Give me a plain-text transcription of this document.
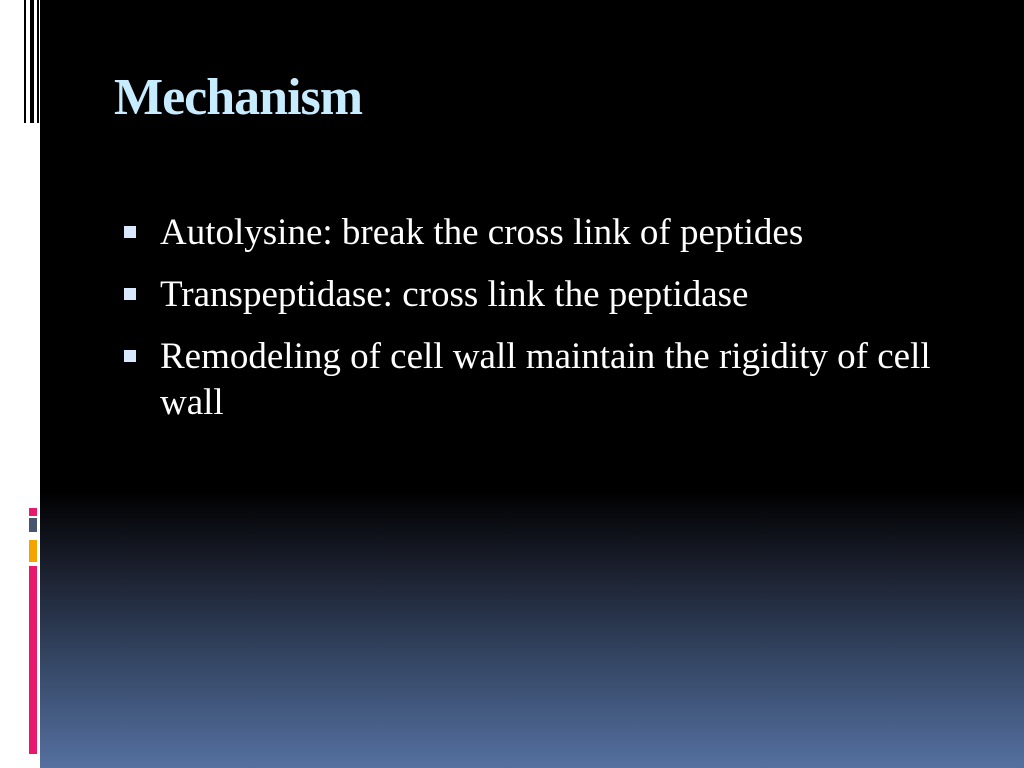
Mechanism
Autolysine: break the cross link of peptides
Transpeptidase: cross link the peptidase
Remodeling of cell wall maintain the rigidity of cell wall
